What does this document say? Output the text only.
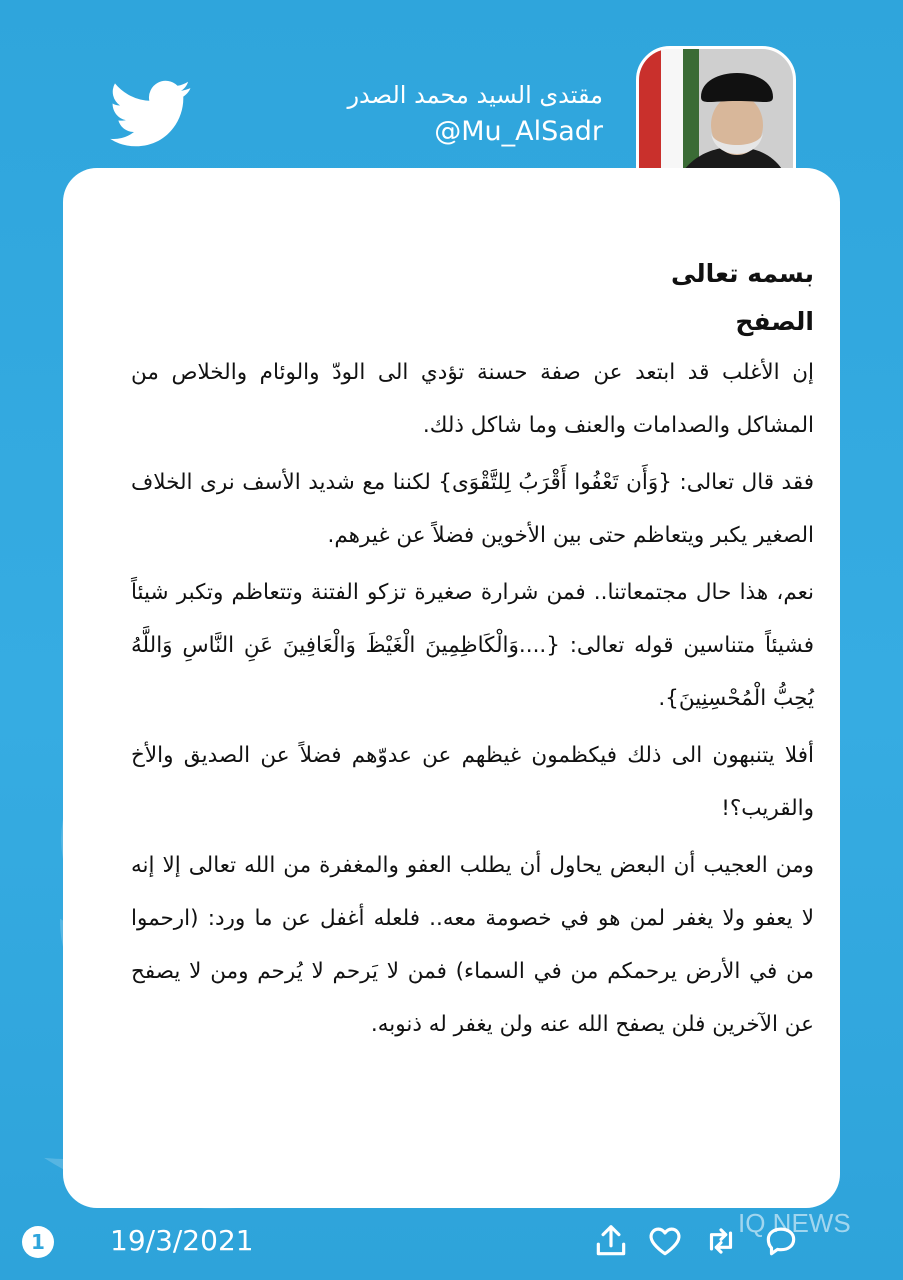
مقتدى السيد محمد الصدر
@Mu_AlSadr
بسمه تعالى
الصفح

إن الأغلب قد ابتعد عن صفة حسنة تؤدي الى الودّ والوئام والخلاص من المشاكل والصدامات والعنف وما شاكل ذلك.

فقد قال تعالى: {وَأَن تَعْفُوا أَقْرَبُ لِلتَّقْوَى} لكننا مع شديد الأسف نرى الخلاف الصغير يكبر ويتعاظم حتى بين الأخوين فضلاً عن غيرهم.

نعم، هذا حال مجتمعاتنا.. فمن شرارة صغيرة تزكو الفتنة وتتعاظم وتكبر شيئاً فشيئاً متناسين قوله تعالى: {....وَالْكَاظِمِينَ الْغَيْظَ وَالْعَافِينَ عَنِ النَّاسِ وَاللَّهُ يُحِبُّ الْمُحْسِنِينَ}.

أفلا يتنبهون الى ذلك فيكظمون غيظهم عن عدوّهم فضلاً عن الصديق والأخ والقريب؟!

ومن العجيب أن البعض يحاول أن يطلب العفو والمغفرة من الله تعالى إلا إنه لا يعفو ولا يغفر لمن هو في خصومة معه.. فلعله أغفل عن ما ورد: (ارحموا من في الأرض يرحمكم من في السماء) فمن لا يَرحم لا يُرحم ومن لا يصفح عن الآخرين فلن يصفح الله عنه ولن يغفر له ذنوبه.

1	19/3/2021
IQ NEWS
